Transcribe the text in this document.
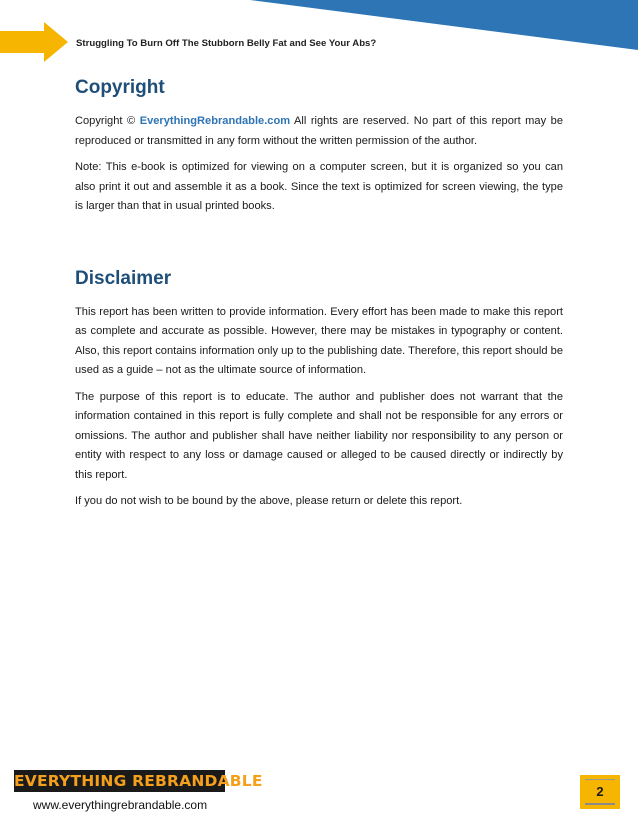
Struggling To Burn Off The Stubborn Belly Fat and See Your Abs?
Copyright

Copyright © EverythingRebrandable.com All rights are reserved. No part of this report may be reproduced or transmitted in any form without the written permission of the author.

Note: This e-book is optimized for viewing on a computer screen, but it is organized so you can also print it out and assemble it as a book. Since the text is optimized for screen viewing, the type is larger than that in usual printed books.

Disclaimer

This report has been written to provide information. Every effort has been made to make this report as complete and accurate as possible. However, there may be mistakes in typography or content. Also, this report contains information only up to the publishing date. Therefore, this report should be used as a guide – not as the ultimate source of information.

The purpose of this report is to educate. The author and publisher does not warrant that the information contained in this report is fully complete and shall not be responsible for any errors or omissions. The author and publisher shall have neither liability nor responsibility to any person or entity with respect to any loss or damage caused or alleged to be caused directly or indirectly by this report.

If you do not wish to be bound by the above, please return or delete this report.

EVERYTHING REBRANDABLE
www.everythingrebrandable.com
2
